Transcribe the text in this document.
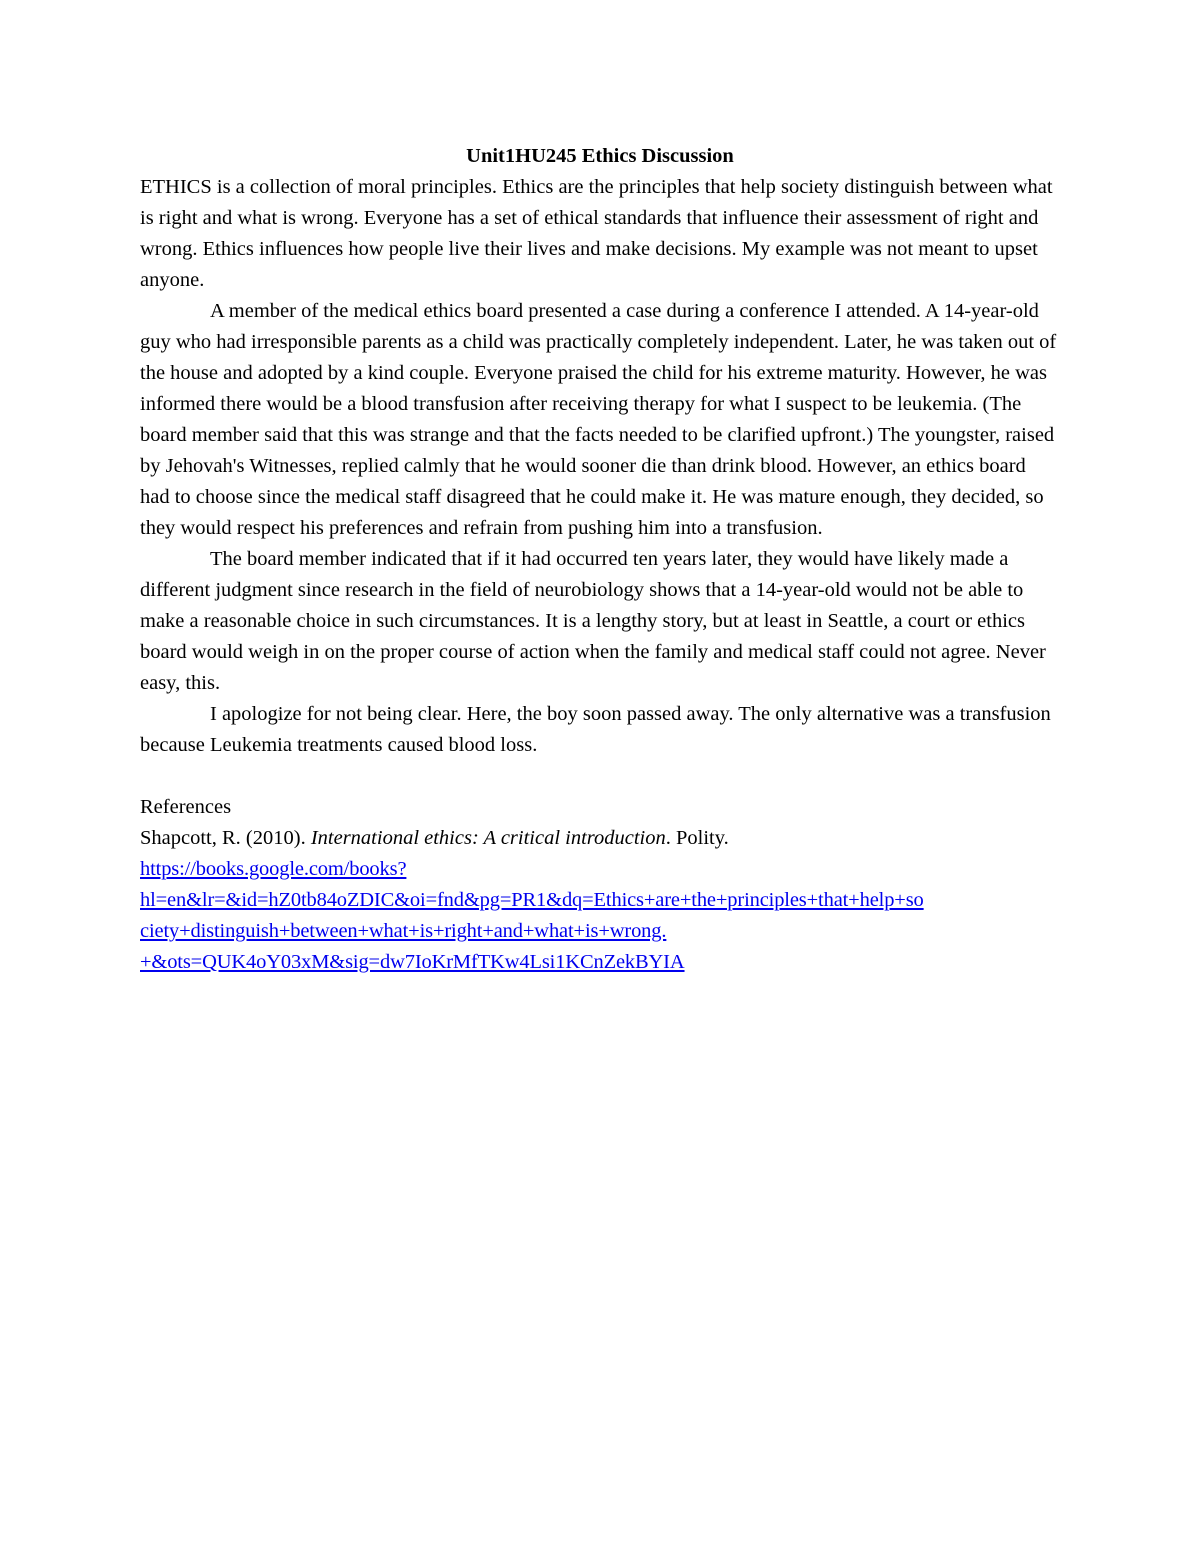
Unit1HU245 Ethics Discussion

ETHICS is a collection of moral principles. Ethics are the principles that help society distinguish between what is right and what is wrong. Everyone has a set of ethical standards that influence their assessment of right and wrong. Ethics influences how people live their lives and make decisions. My example was not meant to upset anyone.

A member of the medical ethics board presented a case during a conference I attended. A 14-year-old guy who had irresponsible parents as a child was practically completely independent. Later, he was taken out of the house and adopted by a kind couple. Everyone praised the child for his extreme maturity. However, he was informed there would be a blood transfusion after receiving therapy for what I suspect to be leukemia. (The board member said that this was strange and that the facts needed to be clarified upfront.) The youngster, raised by Jehovah's Witnesses, replied calmly that he would sooner die than drink blood. However, an ethics board had to choose since the medical staff disagreed that he could make it. He was mature enough, they decided, so they would respect his preferences and refrain from pushing him into a transfusion.

The board member indicated that if it had occurred ten years later, they would have likely made a different judgment since research in the field of neurobiology shows that a 14-year-old would not be able to make a reasonable choice in such circumstances. It is a lengthy story, but at least in Seattle, a court or ethics board would weigh in on the proper course of action when the family and medical staff could not agree. Never easy, this.

I apologize for not being clear. Here, the boy soon passed away. The only alternative was a transfusion because Leukemia treatments caused blood loss.

References

Shapcott, R. (2010). International ethics: A critical introduction. Polity.

https://books.google.com/books?
hl=en&lr=&id=hZ0tb84oZDIC&oi=fnd&pg=PR1&dq=Ethics+are+the+principles+that+help+so
ciety+distinguish+between+what+is+right+and+what+is+wrong.
+&ots=QUK4oY03xM&sig=dw7IoKrMfTKw4Lsi1KCnZekBYIA
